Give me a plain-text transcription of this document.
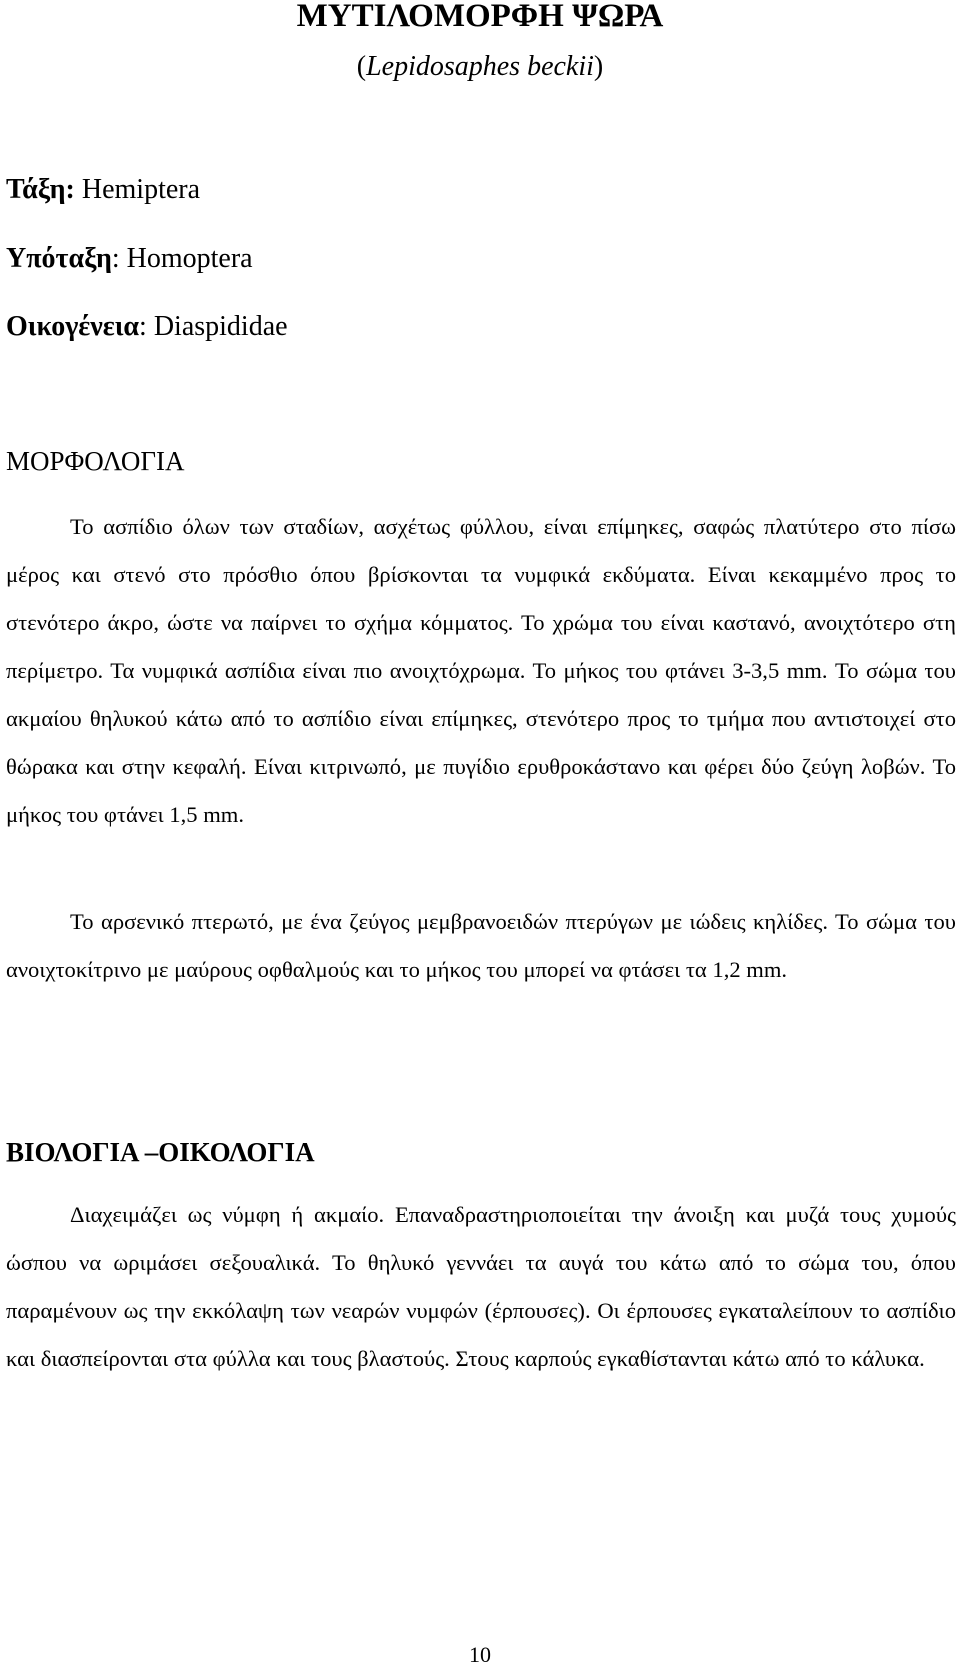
ΜΥΤΙΛΟΜΟΡΦΗ ΨΩΡΑ
(Lepidosaphes beckii)
Τάξη: Hemiptera
Υπόταξη: Homoptera
Οικογένεια: Diaspididae
ΜΟΡΦΟΛΟΓΙΑ

Το ασπίδιο όλων των σταδίων, ασχέτως φύλλου, είναι επίμηκες, σαφώς πλατύτερο στο πίσω μέρος και στενό στο πρόσθιο όπου βρίσκονται τα νυμφικά εκδύματα. Είναι κεκαμμένο προς το στενότερο άκρο, ώστε να παίρνει το σχήμα κόμματος. Το χρώμα του είναι καστανό, ανοιχτότερο στη περίμετρο. Τα νυμφικά ασπίδια είναι πιο ανοιχτόχρωμα. Το μήκος του φτάνει 3-3,5 mm. Το σώμα του ακμαίου θηλυκού κάτω από το ασπίδιο είναι επίμηκες, στενότερο προς το τμήμα που αντιστοιχεί στο θώρακα και στην κεφαλή. Είναι κιτρινωπό, με πυγίδιο ερυθροκάστανο και φέρει δύο ζεύγη λοβών. Το μήκος του φτάνει 1,5 mm.

Το αρσενικό πτερωτό, με ένα ζεύγος μεμβρανοειδών πτερύγων με ιώδεις κηλίδες. Το σώμα του ανοιχτοκίτρινο με μαύρους οφθαλμούς και το μήκος του μπορεί να φτάσει τα 1,2 mm.

ΒΙΟΛΟΓΙΑ –ΟΙΚΟΛΟΓΙΑ

Διαχειμάζει ως νύμφη ή ακμαίο. Επαναδραστηριοποιείται την άνοιξη και μυζά τους χυμούς ώσπου να ωριμάσει σεξουαλικά. Το θηλυκό γεννάει τα αυγά του κάτω από το σώμα του, όπου παραμένουν ως την εκκόλαψη των νεαρών νυμφών (έρπουσες). Οι έρπουσες εγκαταλείπουν το ασπίδιο και διασπείρονται στα φύλλα και τους βλαστούς. Στους καρπούς εγκαθίστανται κάτω από το κάλυκα.

10
